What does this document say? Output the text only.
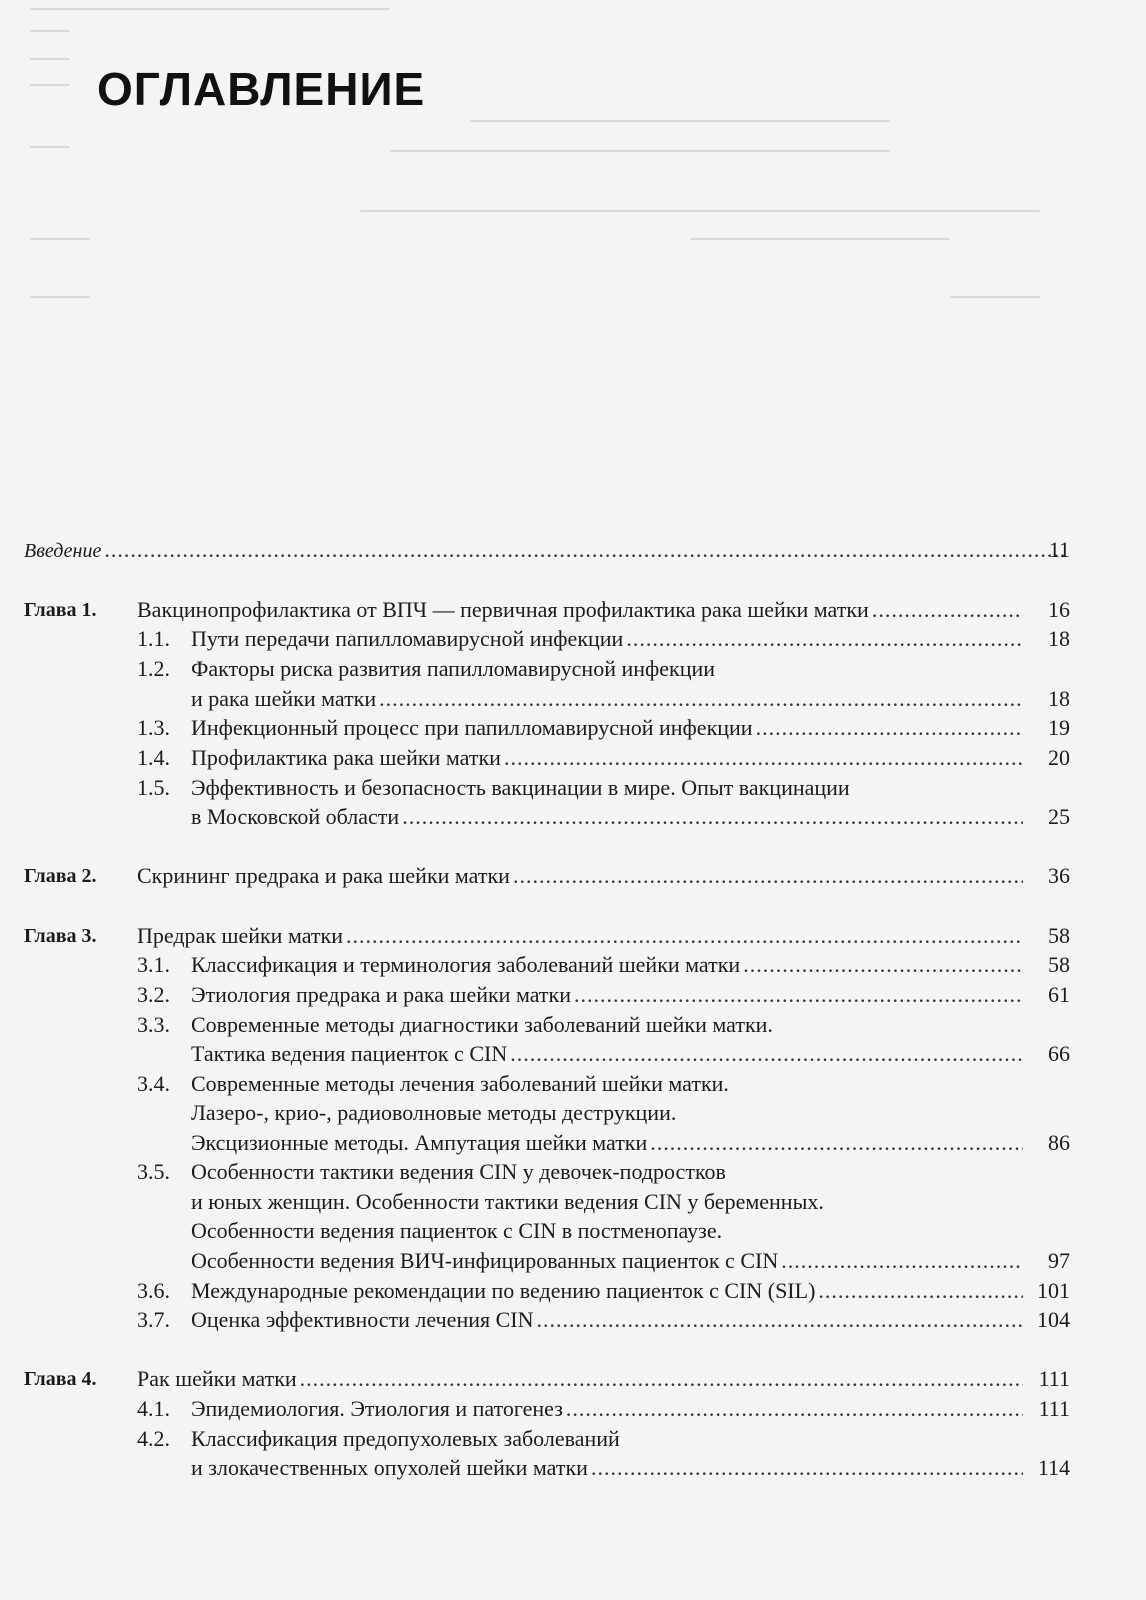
ОГЛАВЛЕНИЕ
Введение .....	11
Глава 1. Вакцинопрофилактика от ВПЧ — первичная профилактика рака шейки матки .....	16
1.1. Пути передачи папилломавирусной инфекции .....	18
1.2. Факторы риска развития папилломавирусной инфекции
и рака шейки матки .....	18
1.3. Инфекционный процесс при папилломавирусной инфекции .....	19
1.4. Профилактика рака шейки матки .....	20
1.5. Эффективность и безопасность вакцинации в мире. Опыт вакцинации
в Московской области .....	25
Глава 2. Скрининг предрака и рака шейки матки .....	36
Глава 3. Предрак шейки матки .....	58
3.1. Классификация и терминология заболеваний шейки матки .....	58
3.2. Этиология предрака и рака шейки матки .....	61
3.3. Современные методы диагностики заболеваний шейки матки.
Тактика ведения пациенток с CIN .....	66
3.4. Современные методы лечения заболеваний шейки матки.
Лазеро-, крио-, радиоволновые методы деструкции.
Эксцизионные методы. Ампутация шейки матки .....	86
3.5. Особенности тактики ведения CIN у девочек-подростков
и юных женщин. Особенности тактики ведения CIN у беременных.
Особенности ведения пациенток с CIN в постменопаузе.
Особенности ведения ВИЧ-инфицированных пациенток с CIN .....	97
3.6. Международные рекомендации по ведению пациенток с CIN (SIL) .....	101
3.7. Оценка эффективности лечения CIN .....	104
Глава 4. Рак шейки матки .....	111
4.1. Эпидемиология. Этиология и патогенез .....	111
4.2. Классификация предопухолевых заболеваний
и злокачественных опухолей шейки матки .....	114
